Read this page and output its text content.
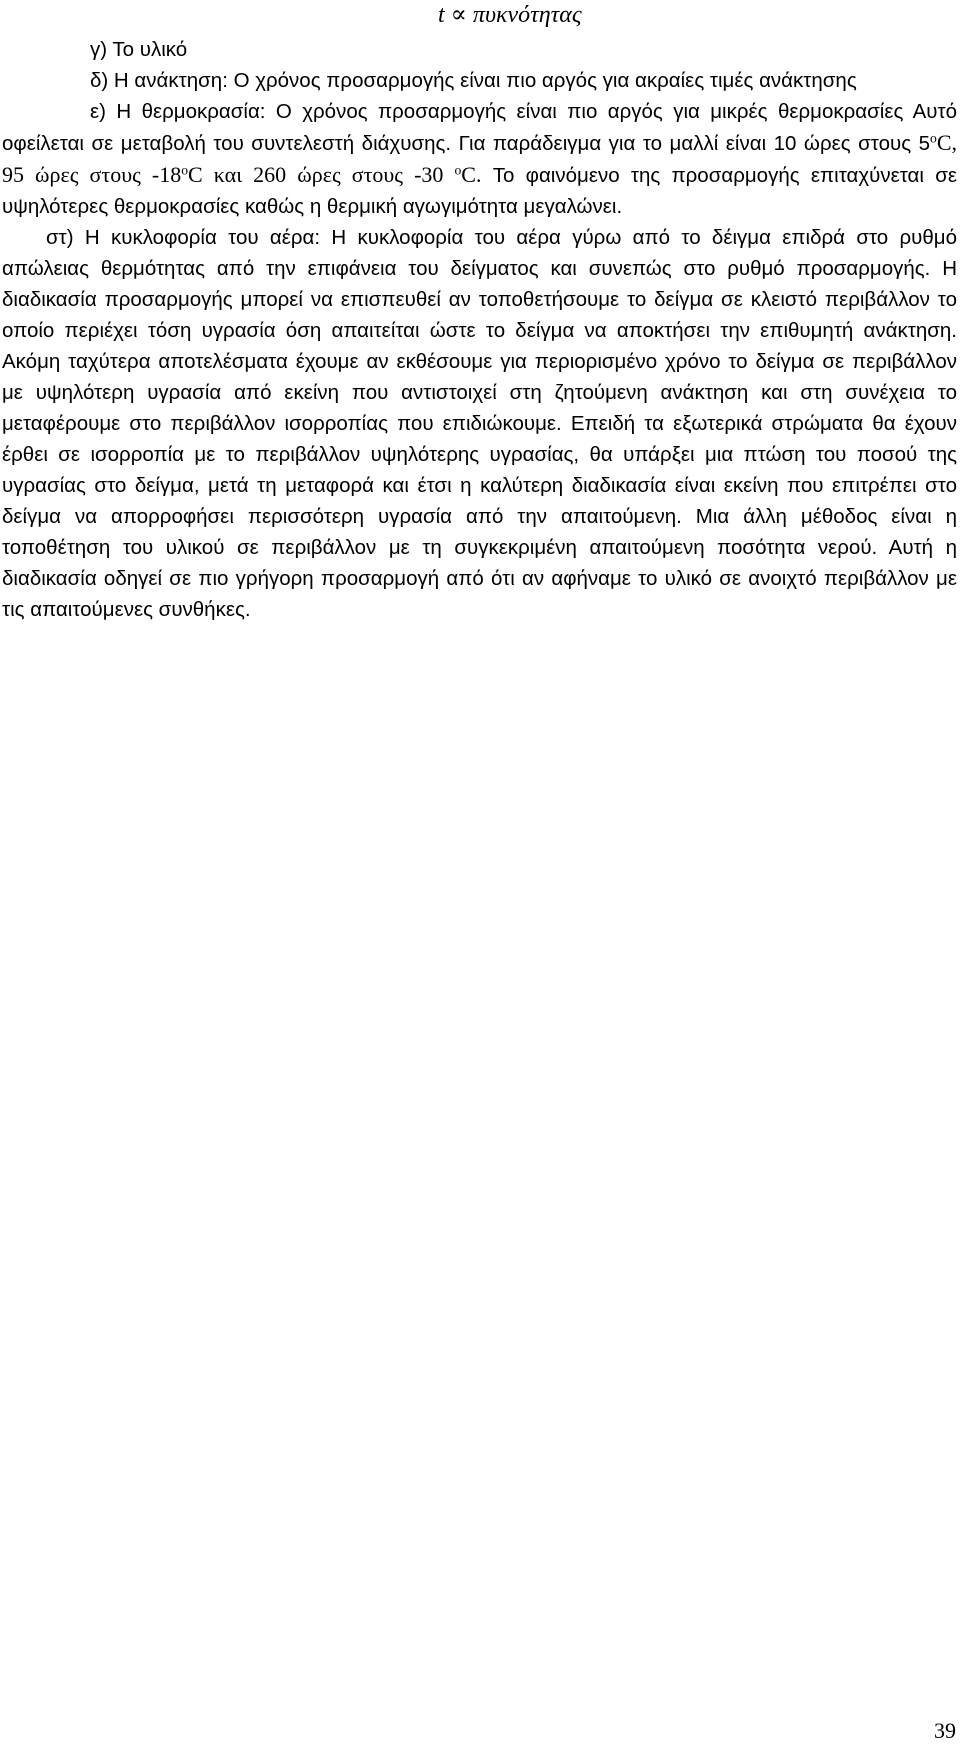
t ∝ πυκνότητας

γ) Το υλικό

δ) Η ανάκτηση: Ο χρόνος προσαρμογής είναι πιο αργός για ακραίες τιμές ανάκτησης

ε) Η θερμοκρασία: Ο χρόνος προσαρμογής είναι πιο αργός για μικρές θερμοκρασίες Αυτό οφείλεται σε μεταβολή του συντελεστή διάχυσης. Για παράδειγμα για το μαλλί είναι 10 ώρες στους $5^oC$, 95 ώρες στους $-18^oC$ και 260 ώρες στους -30 $^o$C. Το φαινόμενο της προσαρμογής επιταχύνεται σε υψηλότερες θερμοκρασίες καθώς η θερμική αγωγιμότητα μεγαλώνει.

στ) Η κυκλοφορία του αέρα: Η κυκλοφορία του αέρα γύρω από το δέιγμα επιδρά στο ρυθμό απώλειας θερμότητας από την επιφάνεια του δείγματος και συνεπώς στο ρυθμό προσαρμογής. Η διαδικασία προσαρμογής μπορεί να επισπευθεί αν τοποθετήσουμε το δείγμα σε κλειστό περιβάλλον το οποίο περιέχει τόση υγρασία όση απαιτείται ώστε το δείγμα να αποκτήσει την επιθυμητή ανάκτηση. Ακόμη ταχύτερα αποτελέσματα έχουμε αν εκθέσουμε για περιορισμένο χρόνο το δείγμα σε περιβάλλον με υψηλότερη υγρασία από εκείνη που αντιστοιχεί στη ζητούμενη ανάκτηση και στη συνέχεια το μεταφέρουμε στο περιβάλλον ισορροπίας που επιδιώκουμε. Επειδή τα εξωτερικά στρώματα θα έχουν έρθει σε ισορροπία με το περιβάλλον υψηλότερης υγρασίας, θα υπάρξει μια πτώση του ποσού της υγρασίας στο δείγμα, μετά τη μεταφορά και έτσι η καλύτερη διαδικασία είναι εκείνη που επιτρέπει στο δείγμα να απορροφήσει περισσότερη υγρασία από την απαιτούμενη. Μια άλλη μέθοδος είναι η τοποθέτηση του υλικού σε περιβάλλον με τη συγκεκριμένη απαιτούμενη ποσότητα νερού. Αυτή η διαδικασία οδηγεί σε πιο γρήγορη προσαρμογή από ότι αν αφήναμε το υλικό σε ανοιχτό περιβάλλον με τις απαιτούμενες συνθήκες.

39
